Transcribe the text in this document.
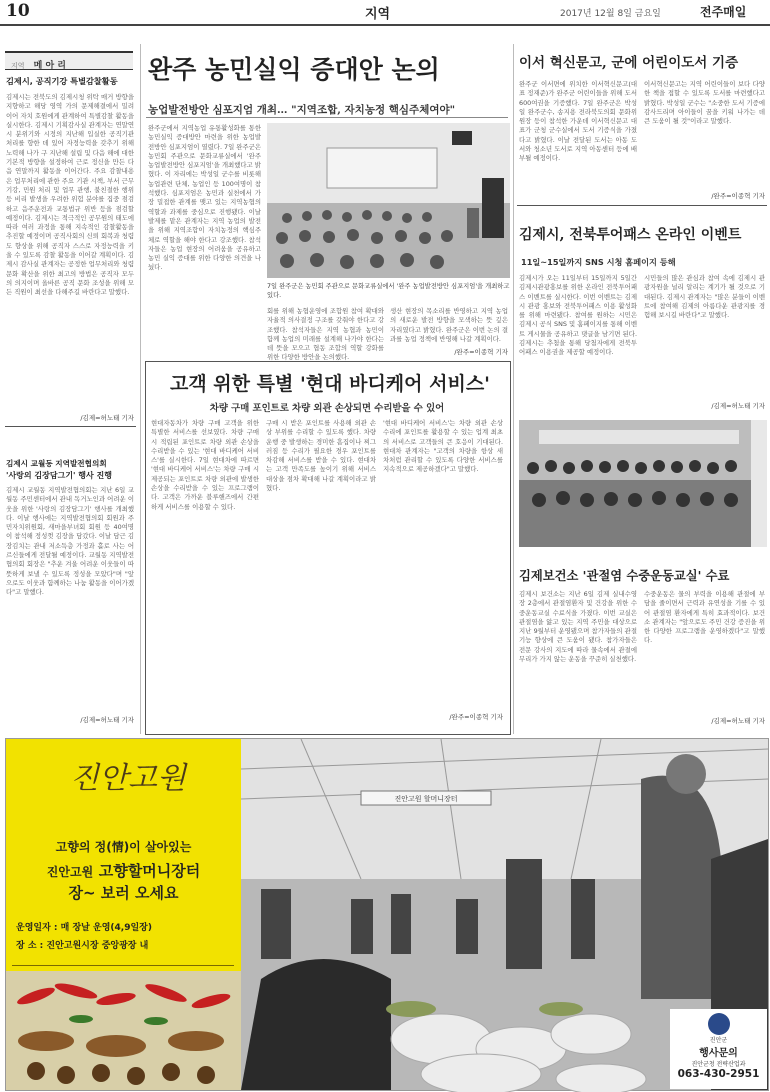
10	지역	2017년 12월 8일 금요일	전주매일
지역 메 아 리
김제시, 공직기강 특별감찰활동
김제시는 전북도의 김제시청 위탁 매거 방향을 지향하고 해당 영역 가의 문제해결에서 밀려 이어 자치 호원에게 관계하여 특별감찰 활동을 실시한다. 김제시 기획감사실 관계자는 연말연시 분위기와 시정의 지난해 입실한 공직기관 처리를 향한 데 있어 자정능력을 갖추기 위해 노력해 나가 구 지난해 설립 및 다음 해에 대한 기본적 방향을 설정하여 근로 정신을 만든 다음 연말까지 활동을 이어간다. 주요 감찰내용은 업무처리에 관한 주요 기관 시책, 부서 근무기강, 민원 처리 및 업무 관행, 불친절한 행위 등 비리 발생을 우려한 위험 분야를 집중 점검하고 음주운전과 교통법규 위반 등을 점검할 예정이다. 김제시는 적극적인 공무원의 태도에 따라 여러 과정을 통해 지속적인 감찰활동을 추진할 예정이며 공직사회의 신뢰 회복과 청렴도 향상을 위해 공직자 스스로 자정능력을 키울 수 있도록 감찰 활동을 이어갈 계획이다. 김제시 감사실 관계자는 공정한 업무처리와 청렴 문화 확산을 위한 최고의 방법은 공직자 모두의 의지이며 올바른 공직 문화 조성을 위해 모든 직원이 최선을 다해주길 바란다고 말했다.
/김제=허노태 기자
김제시 교월동 지역발전협의회
'사랑의 김장담그기' 행사 진행
김제시 교월동 지역발전협의회는 지난 6일 교월동 주민센터에서 관내 독거노인과 어려운 이웃을 위한 '사랑의 김장담그기' 행사를 개최했다. 이날 행사에는 지역발전협의회 회원과 주민자치위원회, 새마을부녀회 회원 등 40여명이 참석해 정성껏 김장을 담갔다. 이날 담근 김장김치는 관내 저소득층 가정과 홀로 사는 어르신들에게 전달될 예정이다. 교월동 지역발전협의회 회장은 "추운 겨울 어려운 이웃들이 따뜻하게 보낼 수 있도록 정성을 모았다"며 "앞으로도 이웃과 함께하는 나눔 활동을 이어가겠다"고 말했다.
/김제=허노태 기자
완주 농민실익 증대안 논의
농업발전방안 심포지엄 개최… "지역조합, 자치농정 핵심주체여야"
완주군에서 지역농업 유통활성화를 통한 농민실익 증대방안 마련을 위한 농업발전방안 심포지엄이 열렸다. 7일 완주군은 농민회 주관으로 문화교류실에서 '완주 농업발전방안 심포지엄'을 개최했다고 밝혔다. 이 자리에는 박성일 군수를 비롯해 농업관련 단체, 농업인 등 100여명이 참석했다. 심포지엄은 농민과 실천에서 가장 밀접한 관계를 맺고 있는 지역농협의 역할과 과제를 중심으로 진행됐다. 이날 발제를 맡은 관계자는 지역 농업의 발전을 위해 지역조합이 자치농정의 핵심주체로 역할을 해야 한다고 강조했다. 참석자들은 농업 현장의 어려움을 공유하고 농민 실익 증대를 위한 다양한 의견을 나눴다.
7일 완주군은 농민회 주관으로 문화교류실에서 '완주 농업발전방안 심포지엄'을 개최하고 있다.
회를 위해 농협운영에 조합원 참여 확대와 자율적 의사결정 구조를 갖춰야 한다고 강조했다. 참석자들은 지역 농협과 농민이 함께 농업의 미래를 설계해 나가야 한다는 데 뜻을 모으고 협동 조합의 역할 강화를 위한 다양한 방안을 논의했다.
생산 현장의 목소리를 반영하고 지역 농업의 새로운 발전 방향을 모색하는 뜻 깊은 자리였다고 밝혔다. 완주군은 이번 논의 결과를 농업 정책에 반영해 나갈 계획이다.
/완주=이종혁 기자
고객 위한 특별 '현대 바디케어 서비스'
차량 구매 포인트로 차량 외관 손상되면 수리받을 수 있어
현대자동차가 차량 구매 고객을 위한 특별한 서비스를 선보였다. 차량 구매 시 적립된 포인트로 차량 외관 손상을 수리받을 수 있는 '현대 바디케어 서비스'를 실시한다. 7일 현대차에 따르면 '현대 바디케어 서비스'는 차량 구매 시 제공되는 포인트로 차량 외관에 발생한 손상을 수리받을 수 있는 프로그램이다. 고객은 가까운 블루핸즈에서 간편하게 서비스를 이용할 수 있다.
구매 시 받은 포인트를 사용해 외관 손상 부위를 수리할 수 있도록 했다. 차량 운행 중 발생하는 경미한 흠집이나 찌그러짐 등 수리가 필요한 경우 포인트를 차감해 서비스를 받을 수 있다. 현대차는 고객 만족도를 높이기 위해 서비스 대상을 점차 확대해 나갈 계획이라고 밝혔다.
'현대 바디케어 서비스'는 차량 외관 손상 수리에 포인트를 활용할 수 있는 업계 최초의 서비스로 고객들의 큰 호응이 기대된다. 현대차 관계자는 "고객의 차량을 항상 새 차처럼 관리할 수 있도록 다양한 서비스를 지속적으로 제공하겠다"고 말했다.
/완주=이종혁 기자
이서 혁신문고, 군에 어린이도서 기증
완주군 이서면에 위치한 이서혁신문고(대표 정재준)가 완주군 어린이들을 위해 도서 600여권을 기증했다. 7일 완주군은 박성일 완주군수, 송지용 전라북도의회 문화위원장 등이 참석한 가운데 이서혁신문고 대표가 군청 군수실에서 도서 기증식을 가졌다고 밝혔다. 이날 전달된 도서는 아동 도서와 청소년 도서로 지역 아동센터 등에 배부될 예정이다.
이서혁신문고는 지역 어린이들이 보다 다양한 책을 접할 수 있도록 도서를 마련했다고 밝혔다. 박성일 군수는 "소중한 도서 기증에 감사드리며 아이들이 꿈을 키워 나가는 데 큰 도움이 될 것"이라고 말했다.
/완주=이종혁 기자
김제시, 전북투어패스 온라인 이벤트
11일~15일까지 SNS 시청 홈페이지 등해
김제시가 오는 11일부터 15일까지 5일간 김제시관광홍보를 위한 온라인 전북투어패스 이벤트를 실시한다. 이번 이벤트는 김제시 관광 홍보와 전북투어패스 이용 활성화를 위해 마련됐다. 참여를 원하는 시민은 김제시 공식 SNS 및 홈페이지를 통해 이벤트 게시물을 공유하고 댓글을 남기면 된다. 김제시는 추첨을 통해 당첨자에게 전북투어패스 이용권을 제공할 예정이다.
시민들의 많은 관심과 참여 속에 김제시 관광자원을 널리 알리는 계기가 될 것으로 기대된다. 김제시 관계자는 "많은 분들이 이벤트에 참여해 김제의 아름다운 관광지를 경험해 보시길 바란다"고 말했다.
/김제=허노태 기자
김제보건소 '관절염 수중운동교실' 수료
김제시 보건소는 지난 6일 김제 실내수영장 2층에서 관절염환자 및 건강을 위한 수중운동교실 수료식을 가졌다. 이번 교실은 관절염을 앓고 있는 지역 주민을 대상으로 지난 9월부터 운영됐으며 참가자들의 관절 기능 향상에 큰 도움이 됐다. 참가자들은 전문 강사의 지도에 따라 물속에서 관절에 무리가 가지 않는 운동을 꾸준히 실천했다.
수중운동은 물의 부력을 이용해 관절에 부담을 줄이면서 근력과 유연성을 기를 수 있어 관절염 환자에게 특히 효과적이다. 보건소 관계자는 "앞으로도 주민 건강 증진을 위한 다양한 프로그램을 운영하겠다"고 말했다.
/김제=허노태 기자
진안고원
고향의 정(情)이 살아있는
진안고원 고향할머니장터
장~ 보러 오세요
운영일자 : 매 장날 운영(4,9일장)
장 소 : 진안고원시장 중앙광장 내
진안고원 할머니장터
진안군
행사문의
진안군청 전략산업과
063-430-2951
